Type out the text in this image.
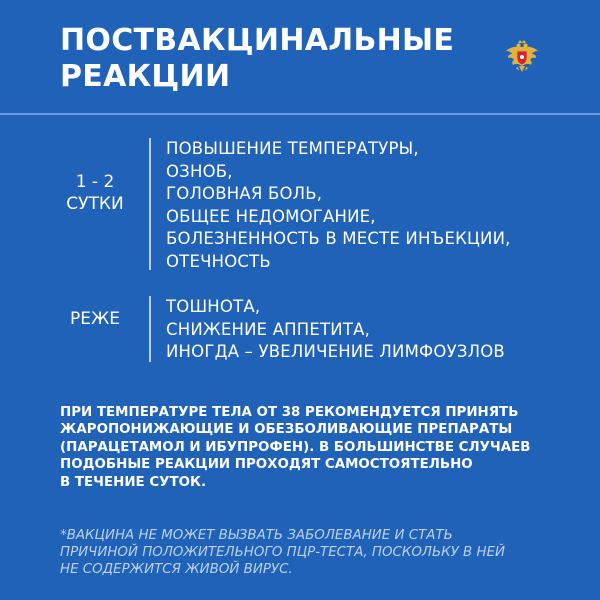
ПОСТВАКЦИНАЛЬНЫЕ
РЕАКЦИИ
1 - 2
СУТКИ
ПОВЫШЕНИЕ ТЕМПЕРАТУРЫ,
ОЗНОБ,
ГОЛОВНАЯ БОЛЬ,
ОБЩЕЕ НЕДОМОГАНИЕ,
БОЛЕЗНЕННОСТЬ В МЕСТЕ ИНЪЕКЦИИ,
ОТЕЧНОСТЬ
РЕЖЕ
ТОШНОТА,
СНИЖЕНИЕ АППЕТИТА,
ИНОГДА – УВЕЛИЧЕНИЕ ЛИМФОУЗЛОВ

ПРИ ТЕМПЕРАТУРЕ ТЕЛА ОТ 38 РЕКОМЕНДУЕТСЯ ПРИНЯТЬ
ЖАРОПОНИЖАЮЩИЕ И ОБЕЗБОЛИВАЮЩИЕ ПРЕПАРАТЫ
(ПАРАЦЕТАМОЛ И ИБУПРОФЕН). В БОЛЬШИНСТВЕ СЛУЧАЕВ
ПОДОБНЫЕ РЕАКЦИИ ПРОХОДЯТ САМОСТОЯТЕЛЬНО
В ТЕЧЕНИЕ СУТОК.

*ВАКЦИНА НЕ МОЖЕТ ВЫЗВАТЬ ЗАБОЛЕВАНИЕ И СТАТЬ
ПРИЧИНОЙ ПОЛОЖИТЕЛЬНОГО ПЦР-ТЕСТА, ПОСКОЛЬКУ В НЕЙ
НЕ СОДЕРЖИТСЯ ЖИВОЙ ВИРУС.
